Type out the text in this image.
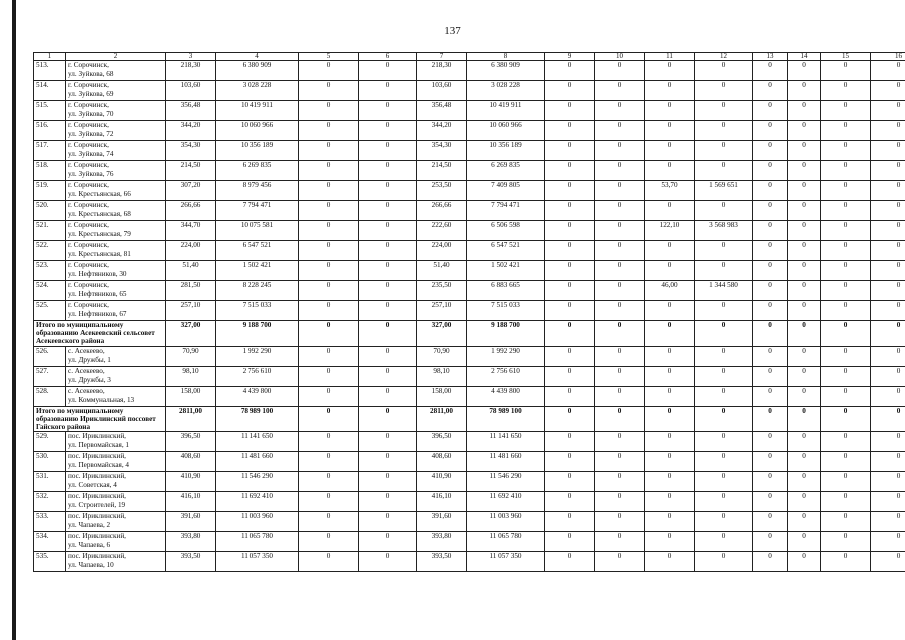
137
1	2	3	4	5	6	7	8	9	10	11	12	13	14	15	16
513.	г. Сорочинск,
ул. Зуйкова, 68	218,30	6 380 909	0	0	218,30	6 380 909	0	0	0	0	0	0	0	0
514.	г. Сорочинск,
ул. Зуйкова, 69	103,60	3 028 228	0	0	103,60	3 028 228	0	0	0	0	0	0	0	0
515.	г. Сорочинск,
ул. Зуйкова, 70	356,48	10 419 911	0	0	356,48	10 419 911	0	0	0	0	0	0	0	0
516.	г. Сорочинск,
ул. Зуйкова, 72	344,20	10 060 966	0	0	344,20	10 060 966	0	0	0	0	0	0	0	0
517.	г. Сорочинск,
ул. Зуйкова, 74	354,30	10 356 189	0	0	354,30	10 356 189	0	0	0	0	0	0	0	0
518.	г. Сорочинск,
ул. Зуйкова, 76	214,50	6 269 835	0	0	214,50	6 269 835	0	0	0	0	0	0	0	0
519.	г. Сорочинск,
ул. Крестьянская, 66	307,20	8 979 456	0	0	253,50	7 409 805	0	0	53,70	1 569 651	0	0	0	0
520.	г. Сорочинск,
ул. Крестьянская, 68	266,66	7 794 471	0	0	266,66	7 794 471	0	0	0	0	0	0	0	0
521.	г. Сорочинск,
ул. Крестьянская, 79	344,70	10 075 581	0	0	222,60	6 506 598	0	0	122,10	3 568 983	0	0	0	0
522.	г. Сорочинск,
ул. Крестьянская, 81	224,00	6 547 521	0	0	224,00	6 547 521	0	0	0	0	0	0	0	0
523.	г. Сорочинск,
ул. Нефтяников, 30	51,40	1 502 421	0	0	51,40	1 502 421	0	0	0	0	0	0	0	0
524.	г. Сорочинск,
ул. Нефтяников, 65	281,50	8 228 245	0	0	235,50	6 883 665	0	0	46,00	1 344 580	0	0	0	0
525.	г. Сорочинск,
ул. Нефтяников, 67	257,10	7 515 033	0	0	257,10	7 515 033	0	0	0	0	0	0	0	0
Итого по муниципальному образованию Асекеевский сельсовет Асекеевского района		327,00	9 188 700	0	0	327,00	9 188 700	0	0	0	0	0	0	0	0
526.	с. Асекеево,
ул. Дружбы, 1	70,90	1 992 290	0	0	70,90	1 992 290	0	0	0	0	0	0	0	0
527.	с. Асекеево,
ул. Дружбы, 3	98,10	2 756 610	0	0	98,10	2 756 610	0	0	0	0	0	0	0	0
528.	с. Асекеево,
ул. Коммунальная, 13	158,00	4 439 800	0	0	158,00	4 439 800	0	0	0	0	0	0	0	0
Итого по муниципальному образованию Ириклинский поссовет Гайского района		2811,00	78 989 100	0	0	2811,00	78 989 100	0	0	0	0	0	0	0	0
529.	пос. Ириклинский,
ул. Первомайская, 1	396,50	11 141 650	0	0	396,50	11 141 650	0	0	0	0	0	0	0	0
530.	пос. Ириклинский,
ул. Первомайская, 4	408,60	11 481 660	0	0	408,60	11 481 660	0	0	0	0	0	0	0	0
531.	пос. Ириклинский,
ул. Советская, 4	410,90	11 546 290	0	0	410,90	11 546 290	0	0	0	0	0	0	0	0
532.	пос. Ириклинский,
ул. Строителей, 19	416,10	11 692 410	0	0	416,10	11 692 410	0	0	0	0	0	0	0	0
533.	пос. Ириклинский,
ул. Чапаева, 2	391,60	11 003 960	0	0	391,60	11 003 960	0	0	0	0	0	0	0	0
534.	пос. Ириклинский,
ул. Чапаева, 6	393,80	11 065 780	0	0	393,80	11 065 780	0	0	0	0	0	0	0	0
535.	пос. Ириклинский,
ул. Чапаева, 10	393,50	11 057 350	0	0	393,50	11 057 350	0	0	0	0	0	0	0	0
